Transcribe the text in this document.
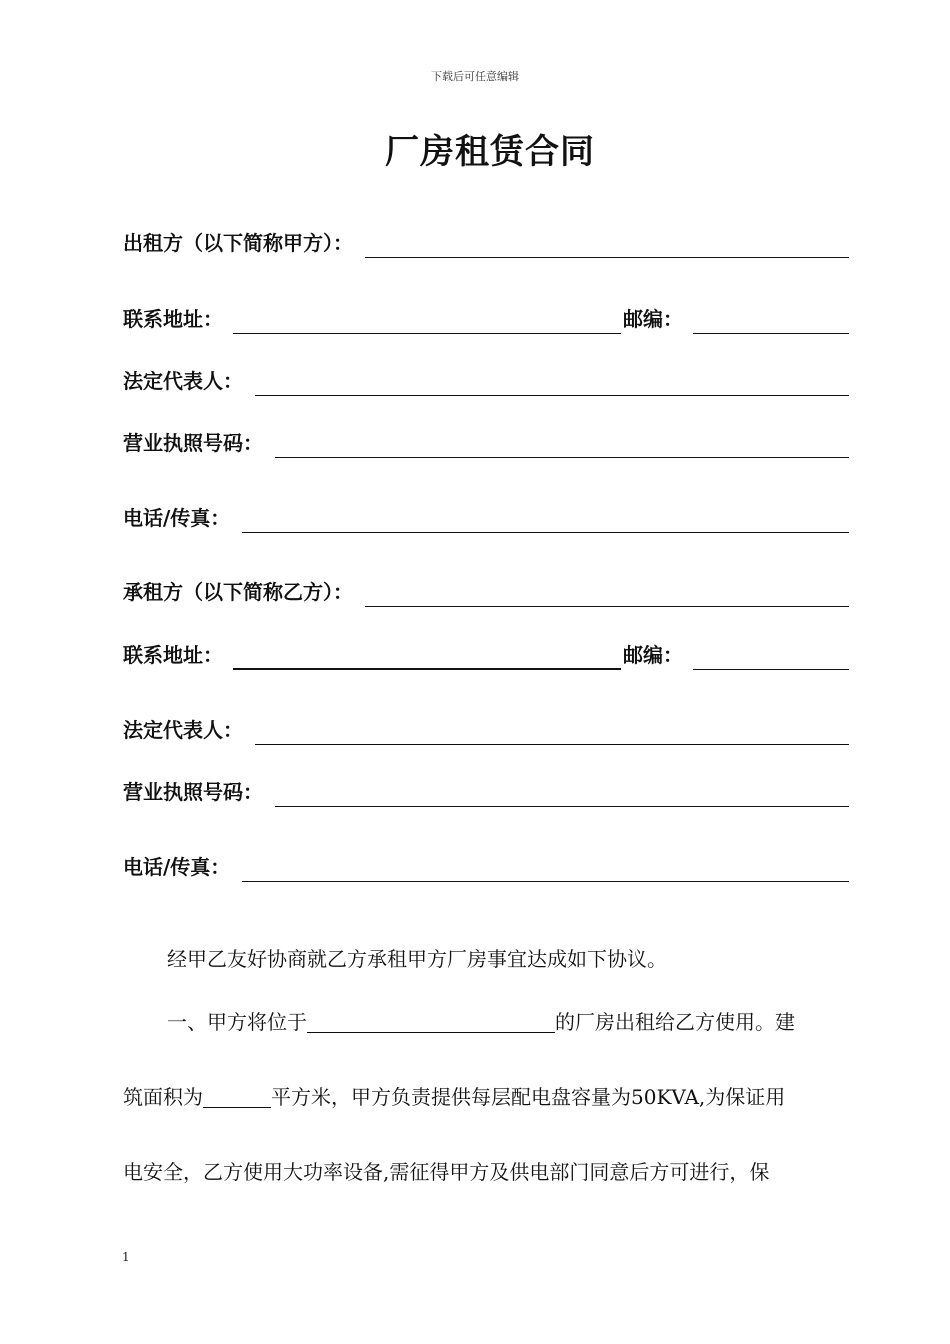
下载后可任意编辑
厂房租赁合同
出租方（以下简称甲方）：
联系地址：	邮编：
法定代表人：
营业执照号码：
电话/传真：
承租方（以下简称乙方）：
联系地址：	邮编：
法定代表人：
营业执照号码：
电话/传真：
经甲乙友好协商就乙方承租甲方厂房事宜达成如下协议。
一、甲方将位于	的厂房出租给乙方使用。建
筑面积为	平方米，甲方负责提供每层配电盘容量为50KVA,为保证用
电安全，乙方使用大功率设备,需征得甲方及供电部门同意后方可进行，保
1
